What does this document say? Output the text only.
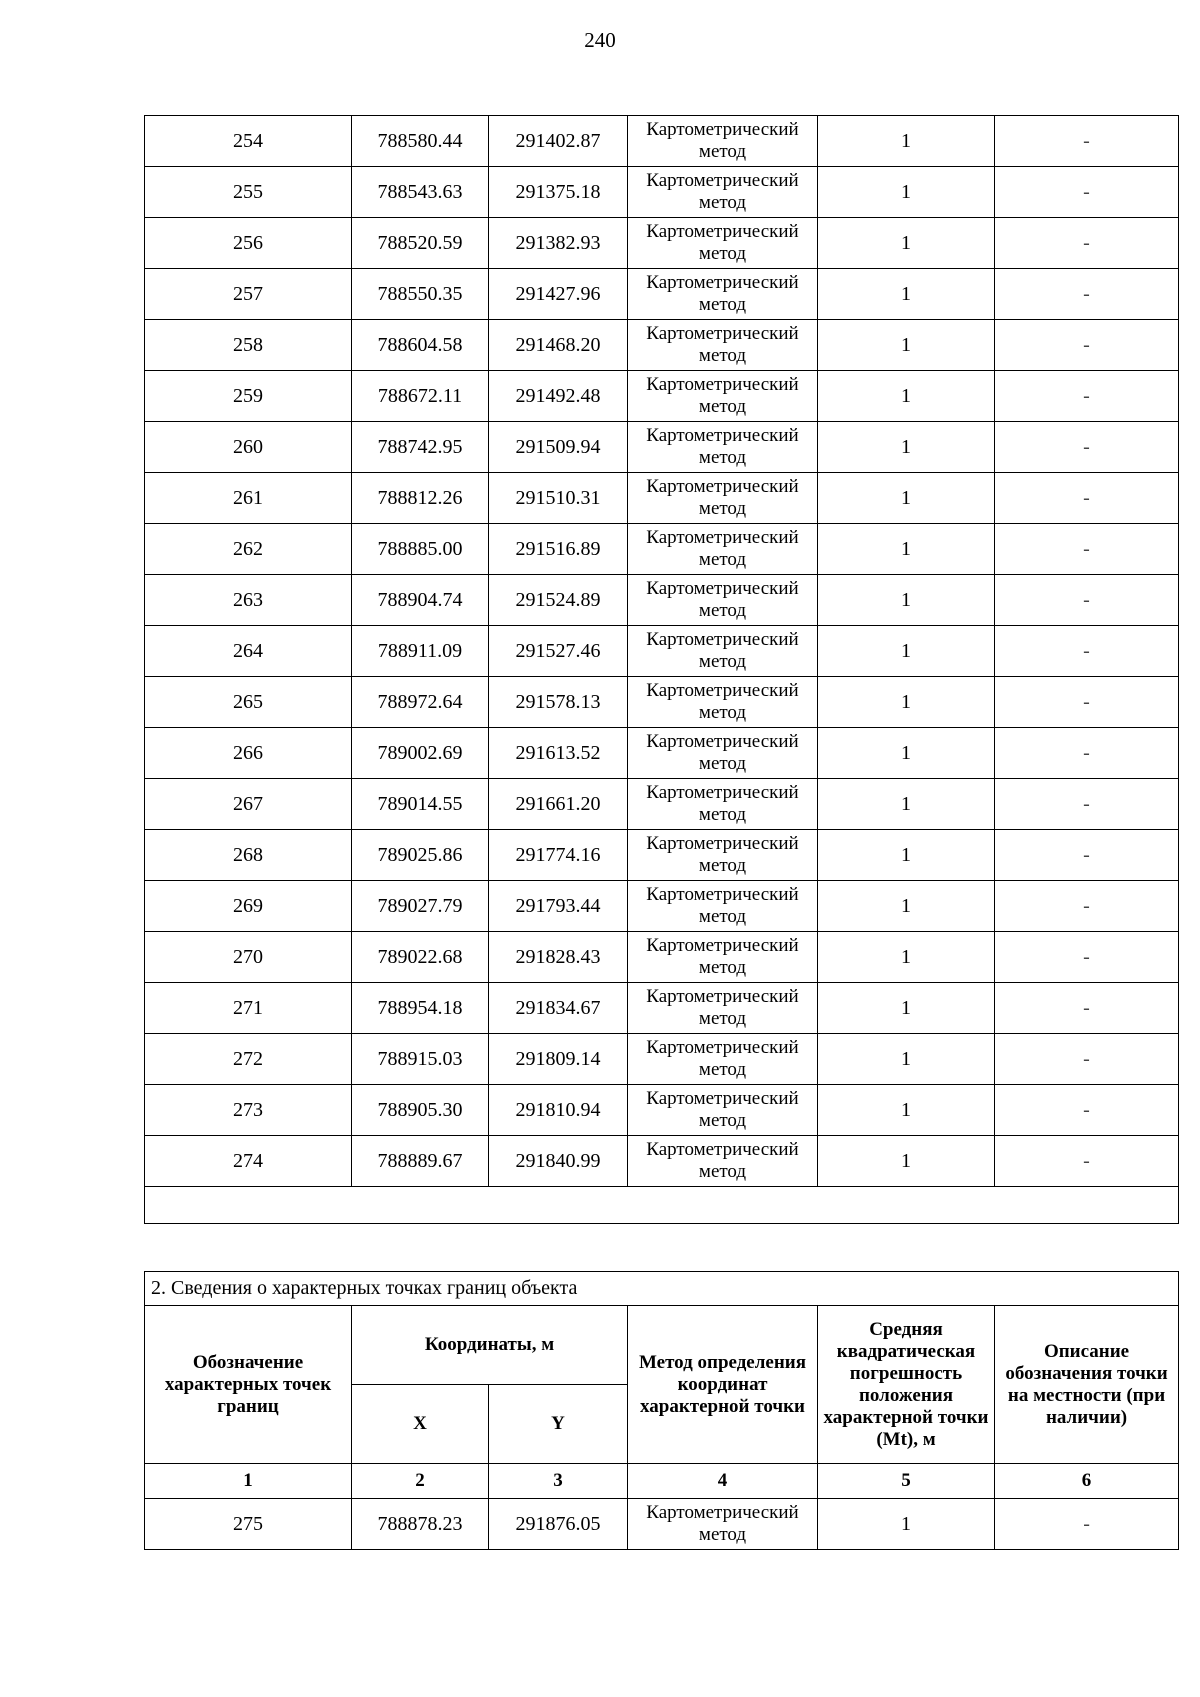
240
254	788580.44	291402.87	Картометрический метод	1	-
255	788543.63	291375.18	Картометрический метод	1	-
256	788520.59	291382.93	Картометрический метод	1	-
257	788550.35	291427.96	Картометрический метод	1	-
258	788604.58	291468.20	Картометрический метод	1	-
259	788672.11	291492.48	Картометрический метод	1	-
260	788742.95	291509.94	Картометрический метод	1	-
261	788812.26	291510.31	Картометрический метод	1	-
262	788885.00	291516.89	Картометрический метод	1	-
263	788904.74	291524.89	Картометрический метод	1	-
264	788911.09	291527.46	Картометрический метод	1	-
265	788972.64	291578.13	Картометрический метод	1	-
266	789002.69	291613.52	Картометрический метод	1	-
267	789014.55	291661.20	Картометрический метод	1	-
268	789025.86	291774.16	Картометрический метод	1	-
269	789027.79	291793.44	Картометрический метод	1	-
270	789022.68	291828.43	Картометрический метод	1	-
271	788954.18	291834.67	Картометрический метод	1	-
272	788915.03	291809.14	Картометрический метод	1	-
273	788905.30	291810.94	Картометрический метод	1	-
274	788889.67	291840.99	Картометрический метод	1	-

2. Сведения о характерных точках границ объекта					
Обозначение характерных точек границ	Координаты, м		Метод определения координат характерной точки	Средняя квадратическая погрешность положения характерной точки (Mt), м	Описание обозначения точки на местности (при наличии)
	X	Y			
1	2	3	4	5	6
275	788878.23	291876.05	Картометрический метод	1	-
